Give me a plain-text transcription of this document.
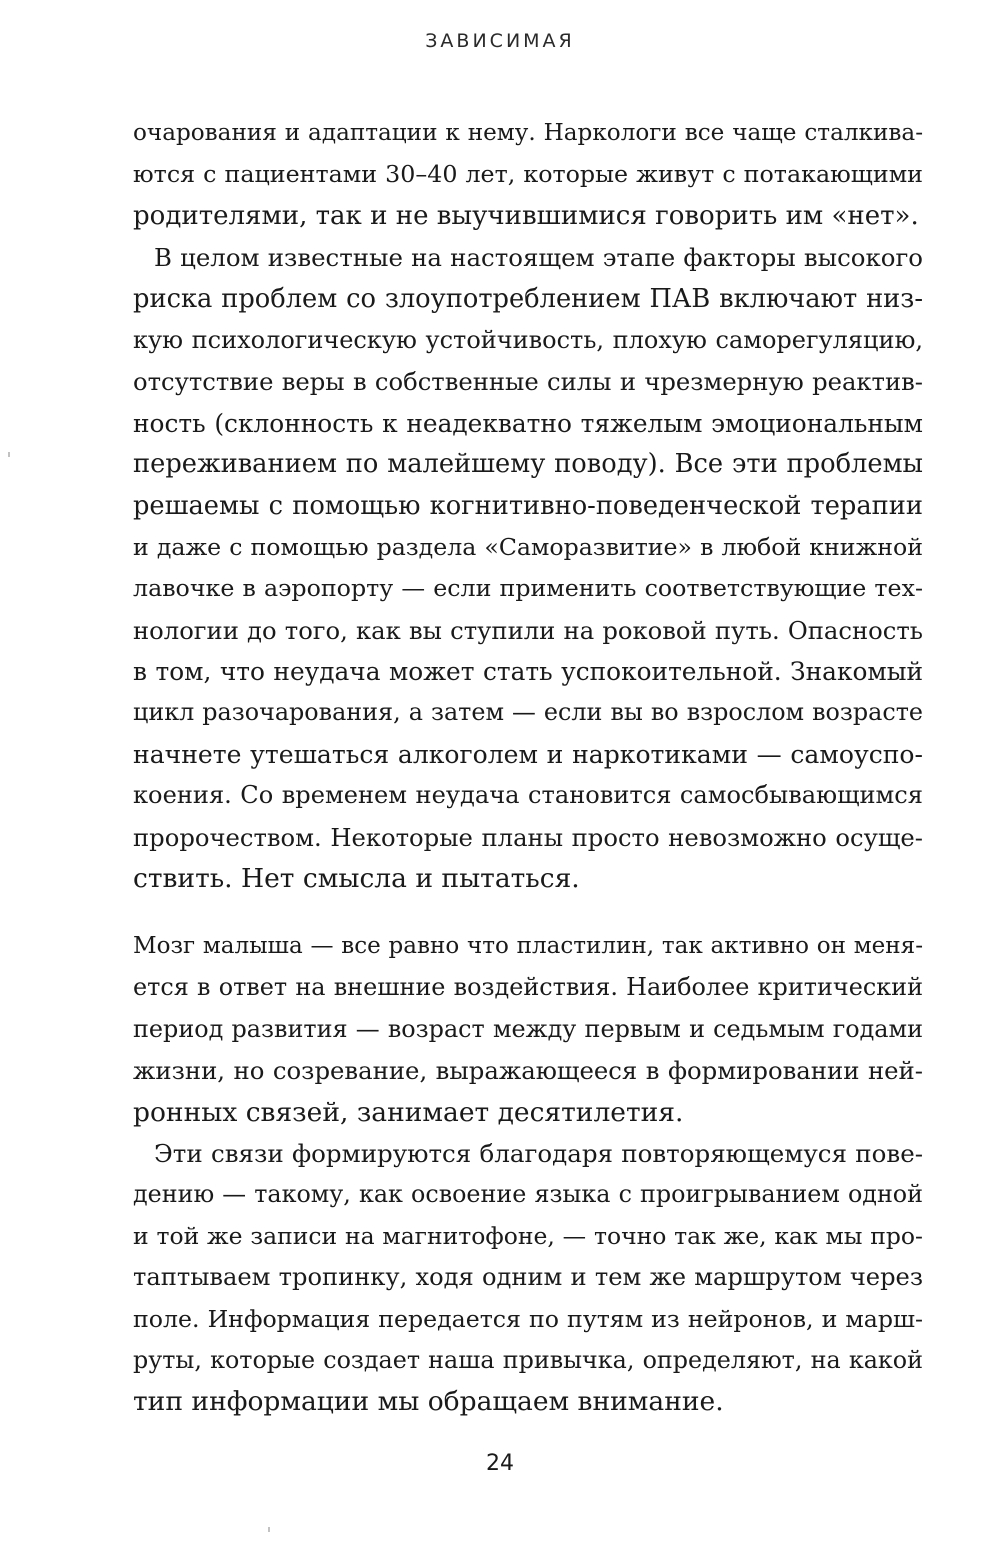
ЗАВИСИМАЯ
очарования и адаптации к нему. Наркологи все чаще сталкива-
ются с пациентами 30–40 лет, которые живут с потакающими
родителями, так и не выучившимися говорить им «нет».
В целом известные на настоящем этапе факторы высокого
риска проблем со злоупотреблением ПАВ включают низ-
кую психологическую устойчивость, плохую саморегуляцию,
отсутствие веры в собственные силы и чрезмерную реактив-
ность (склонность к неадекватно тяжелым эмоциональным
переживанием по малейшему поводу). Все эти проблемы
решаемы с помощью когнитивно-поведенческой терапии
и даже с помощью раздела «Саморазвитие» в любой книжной
лавочке в аэропорту — если применить соответствующие тех-
нологии до того, как вы ступили на роковой путь. Опасность
в том, что неудача может стать успокоительной. Знакомый
цикл разочарования, а затем — если вы во взрослом возрасте
начнете утешаться алкоголем и наркотиками — самоуспо-
коения. Со временем неудача становится самосбывающимся
пророчеством. Некоторые планы просто невозможно осуще-
ствить. Нет смысла и пытаться.
Мозг малыша — все равно что пластилин, так активно он меня-
ется в ответ на внешние воздействия. Наиболее критический
период развития — возраст между первым и седьмым годами
жизни, но созревание, выражающееся в формировании ней-
ронных связей, занимает десятилетия.
Эти связи формируются благодаря повторяющемуся пове-
дению — такому, как освоение языка с проигрыванием одной
и той же записи на магнитофоне, — точно так же, как мы про-
таптываем тропинку, ходя одним и тем же маршрутом через
поле. Информация передается по путям из нейронов, и марш-
руты, которые создает наша привычка, определяют, на какой
тип информации мы обращаем внимание.
24
